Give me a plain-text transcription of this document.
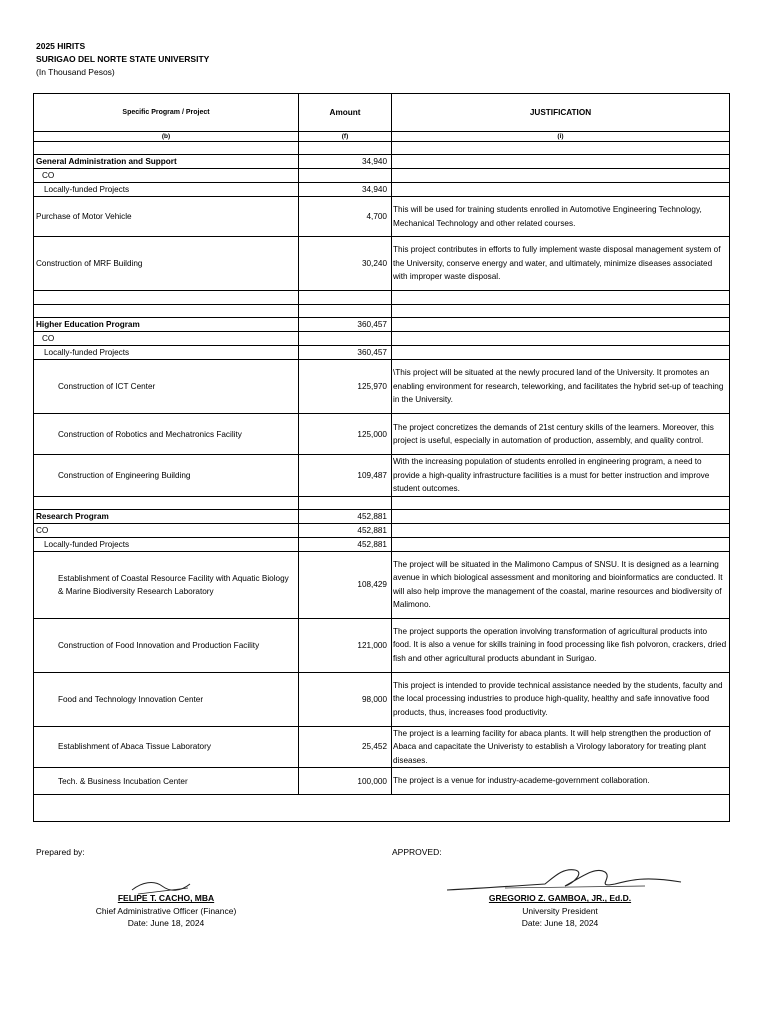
2025 HIRITS
SURIGAO DEL NORTE STATE UNIVERSITY
(In Thousand Pesos)
Specific Program / Project	Amount	JUSTIFICATION
(b)	(f)	(i)

General Administration and Support	34,940	
CO		
Locally-funded Projects	34,940	
Purchase of Motor Vehicle	4,700	This will be used for training students enrolled in Automotive Engineering Technology, Mechanical Technology and other related courses.
Construction of MRF Building	30,240	This project contributes in efforts to fully implement waste disposal management system of the University, conserve energy and water, and ultimately, minimize diseases associated with improper waste disposal.

Higher Education Program	360,457	
CO		
Locally-funded Projects	360,457	
Construction of ICT Center	125,970	\This project will be situated at the newly procured land of the University. It promotes an enabling environment for research, teleworking, and facilitates the hybrid set-up of teaching in the University.
Construction of Robotics and Mechatronics Facility	125,000	The project concretizes the demands of 21st century skills of the learners. Moreover, this project is useful, especially in automation of production, assembly, and quality control.
Construction of Engineering Building	109,487	With the increasing population of students enrolled in engineering program, a need to provide a high-quality infrastructure facilities is a must for better instruction and improve student outcomes.

Research Program	452,881	
CO	452,881	
Locally-funded Projects	452,881	
Establishment of Coastal Resource Facility with Aquatic Biology & Marine Biodiversity Research Laboratory	108,429	The project will be situated in the Malimono Campus of SNSU. It is designed as a learning avenue in which biological assessment and monitoring and bioinformatics are conducted. It will also help improve the management of the coastal, marine resources and biodiversity of Malimono.
Construction of Food Innovation and Production Facility	121,000	The project supports the operation involving transformation of agricultural products into food. It is also a venue for skills training in food processing like fish polvoron, crackers, dried fish and other agricultural products abundant in Surigao.
Food and Technology Innovation Center	98,000	This project is intended to provide technical assistance needed by the students, faculty and the local processing industries to produce high-quality, healthy and safe innovative food products, thus, increases food productivity.
Establishment of Abaca Tissue Laboratory	25,452	The project is a learning facility for abaca plants. It will help strengthen the production of Abaca and capacitate the Univeristy to establish a Virology laboratory for treating plant diseases.
Tech. & Business Incubation Center	100,000	The project is a venue for industry-academe-government collaboration.

Prepared by:	APPROVED:
FELIPE T. CACHO, MBA
Chief Administrative Officer (Finance)
Date: June 18, 2024
GREGORIO Z. GAMBOA, JR., Ed.D.
University President
Date: June 18, 2024
